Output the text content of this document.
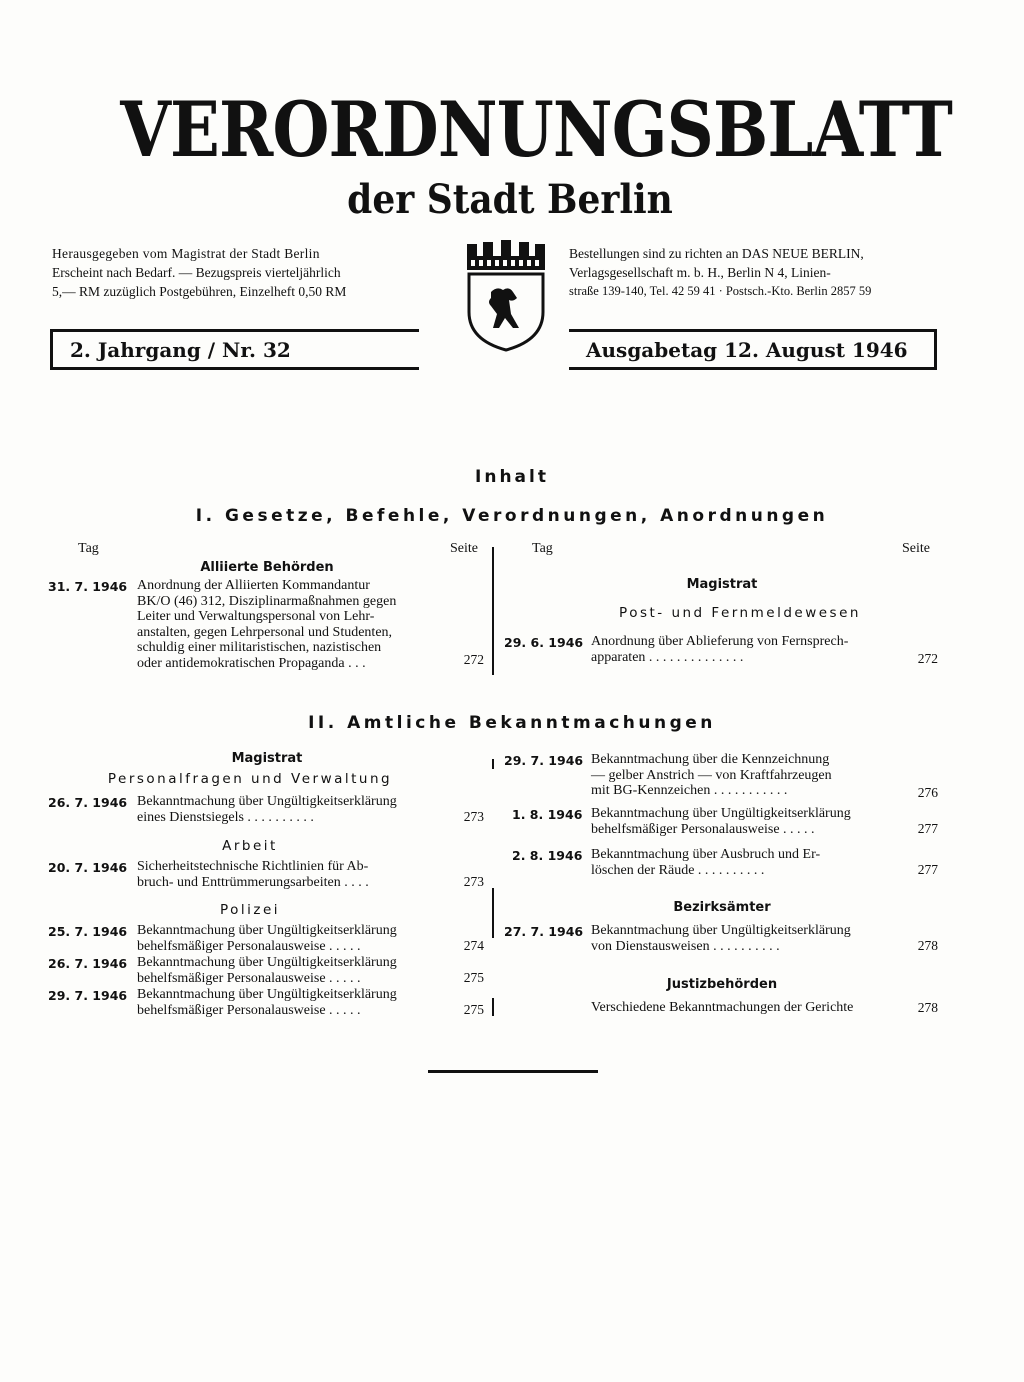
VERORDNUNGSBLATT
der Stadt Berlin
Herausgegeben vom Magistrat der Stadt Berlin
Erscheint nach Bedarf. — Bezugspreis vierteljährlich
5,— RM zuzüglich Postgebühren, Einzelheft 0,50 RM
Bestellungen sind zu richten an DAS NEUE BERLIN,
Verlagsgesellschaft m. b. H., Berlin N 4, Linien-
straße 139-140, Tel. 42 59 41 · Postsch.-Kto. Berlin 2857 59
2. Jahrgang / Nr. 32	Ausgabetag 12. August 1946
Inhalt
I. Gesetze, Befehle, Verordnungen, Anordnungen
Tag	Seite	Tag	Seite
Alliierte Behörden
31. 7. 1946 Anordnung der Alliierten Kommandantur
BK/O (46) 312, Disziplinarmaßnahmen gegen
Leiter und Verwaltungspersonal von Lehr-
anstalten, gegen Lehrpersonal und Studenten,
schuldig einer militaristischen, nazistischen
oder antidemokratischen Propaganda . . .	272
Magistrat
Post- und Fernmeldewesen
29. 6. 1946 Anordnung über Ablieferung von Fernsprech-
apparaten . . . . . . . . . . . . . .	272
II. Amtliche Bekanntmachungen
Magistrat
Personalfragen und Verwaltung
26. 7. 1946 Bekanntmachung über Ungültigkeitserklärung
eines Dienstsiegels . . . . . . . . . .	273
Arbeit
20. 7. 1946 Sicherheitstechnische Richtlinien für Ab-
bruch- und Enttrümmerungsarbeiten . . . .	273
Polizei
25. 7. 1946 Bekanntmachung über Ungültigkeitserklärung
behelfsmäßiger Personalausweise . . . . .	274
26. 7. 1946 Bekanntmachung über Ungültigkeitserklärung
behelfsmäßiger Personalausweise . . . . .	275
29. 7. 1946 Bekanntmachung über Ungültigkeitserklärung
behelfsmäßiger Personalausweise . . . . .	275
29. 7. 1946 Bekanntmachung über die Kennzeichnung
— gelber Anstrich — von Kraftfahrzeugen
mit BG-Kennzeichen . . . . . . . . . . .	276
1. 8. 1946 Bekanntmachung über Ungültigkeitserklärung
behelfsmäßiger Personalausweise . . . . .	277
2. 8. 1946 Bekanntmachung über Ausbruch und Er-
löschen der Räude . . . . . . . . . .	277
Bezirksämter
27. 7. 1946 Bekanntmachung über Ungültigkeitserklärung
von Dienstausweisen . . . . . . . . . .	278
Justizbehörden
Verschiedene Bekanntmachungen der Gerichte	278
